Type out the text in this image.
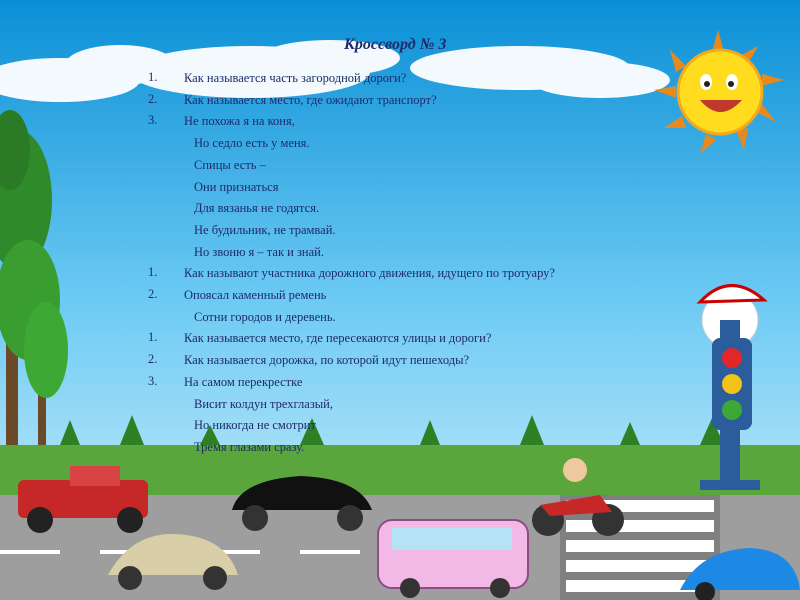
Кроссворд № 3
1. Как называется часть загородной дороги?
2. Как называется место, где ожидают транспорт?
3. Не похожа я на коня,
Но седло есть у меня.
Спицы есть –
Они признаться
Для вязанья не годятся.
Не будильник, не трамвай.
Но звоню я – так и знай.
1. Как называют участника дорожного движения, идущего по тротуару?
2. Опоясал каменный ремень
Сотни городов и деревень.
1. Как называется место, где пересекаются улицы и дороги?
2. Как называется дорожка, по которой идут пешеходы?
3. На самом перекрестке
Висит колдун трехглазый,
Но никогда не смотрит
Тремя глазами сразу.
